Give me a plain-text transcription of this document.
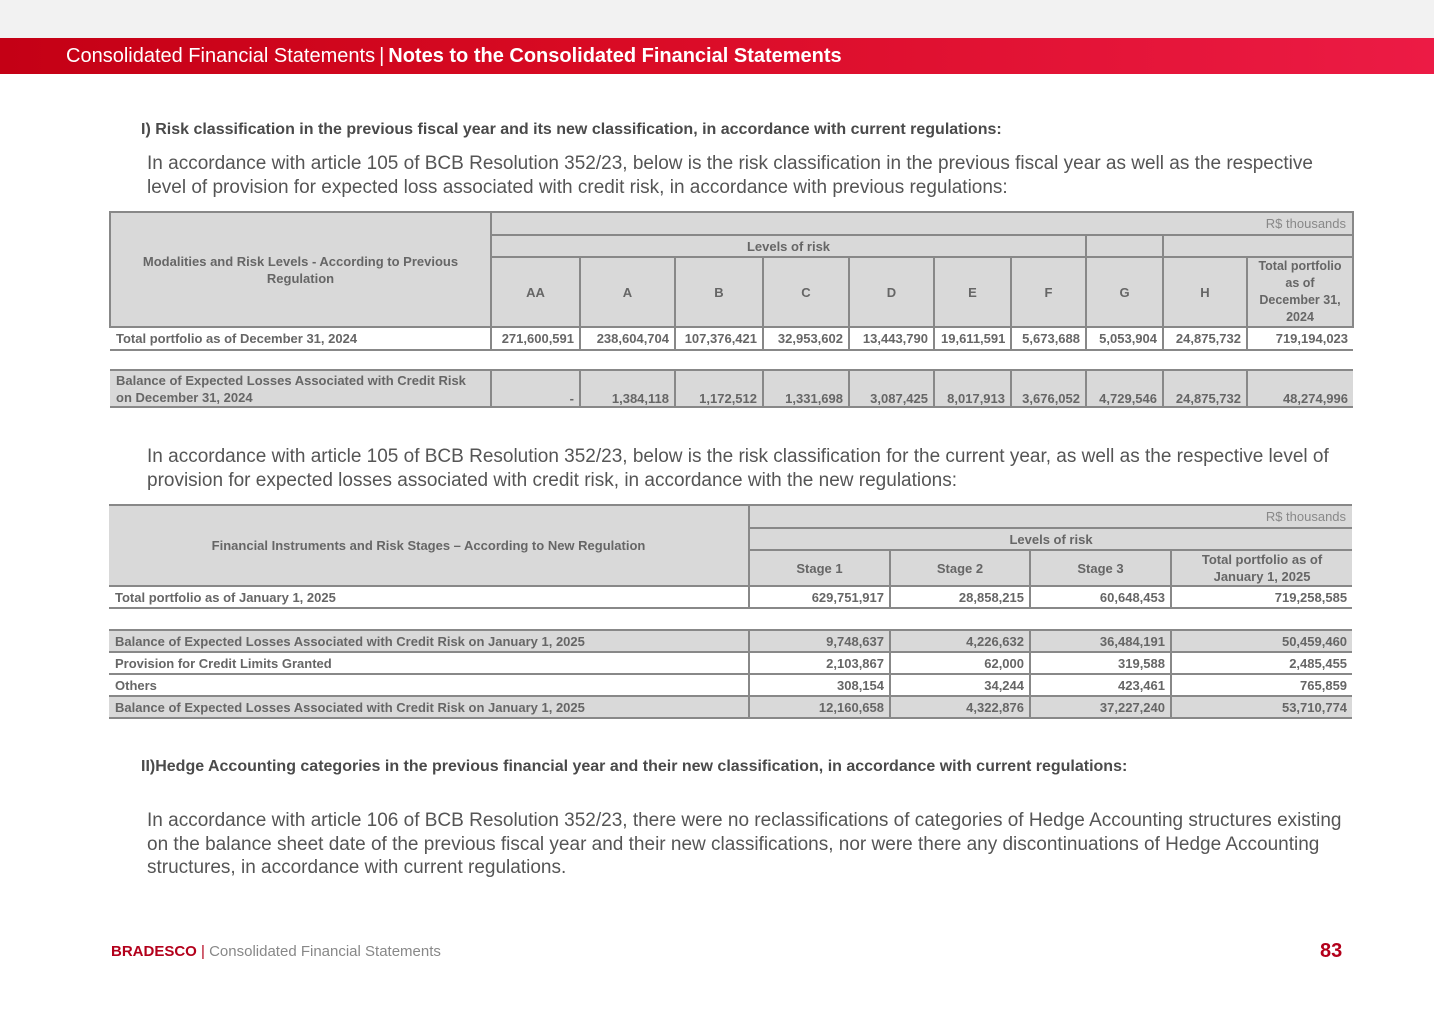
Consolidated Financial Statements | Notes to the Consolidated Financial Statements
I) Risk classification in the previous fiscal year and its new classification, in accordance with current regulations:
In accordance with article 105 of BCB Resolution 352/23, below is the risk classification in the previous fiscal year as well as the respective level of provision for expected loss associated with credit risk, in accordance with previous regulations:
Modalities and Risk Levels - According to Previous Regulation	R$ thousands									
	Levels of risk									
	AA	A	B	C	D	E	F	G	H	Total portfolio as of December 31, 2024
Total portfolio as of December 31, 2024	271,600,591	238,604,704	107,376,421	32,953,602	13,443,790	19,611,591	5,673,688	5,053,904	24,875,732	719,194,023

Balance of Expected Losses Associated with Credit Risk on December 31, 2024	-	1,384,118	1,172,512	1,331,698	3,087,425	8,017,913	3,676,052	4,729,546	24,875,732	48,274,996
In accordance with article 105 of BCB Resolution 352/23, below is the risk classification for the current year, as well as the respective level of provision for expected losses associated with credit risk, in accordance with the new regulations:
Financial Instruments and Risk Stages – According to New Regulation	R$ thousands			
	Levels of risk			
	Stage 1	Stage 2	Stage 3	Total portfolio as of January 1, 2025
Total portfolio as of January 1, 2025	629,751,917	28,858,215	60,648,453	719,258,585

Balance of Expected Losses Associated with Credit Risk on January 1, 2025	9,748,637	4,226,632	36,484,191	50,459,460
Provision for Credit Limits Granted	2,103,867	62,000	319,588	2,485,455
Others	308,154	34,244	423,461	765,859
Balance of Expected Losses Associated with Credit Risk on January 1, 2025	12,160,658	4,322,876	37,227,240	53,710,774
II)Hedge Accounting categories in the previous financial year and their new classification, in accordance with current regulations:
In accordance with article 106 of BCB Resolution 352/23, there were no reclassifications of categories of Hedge Accounting structures existing on the balance sheet date of the previous fiscal year and their new classifications, nor were there any discontinuations of Hedge Accounting structures, in accordance with current regulations.
BRADESCO | Consolidated Financial Statements	83
